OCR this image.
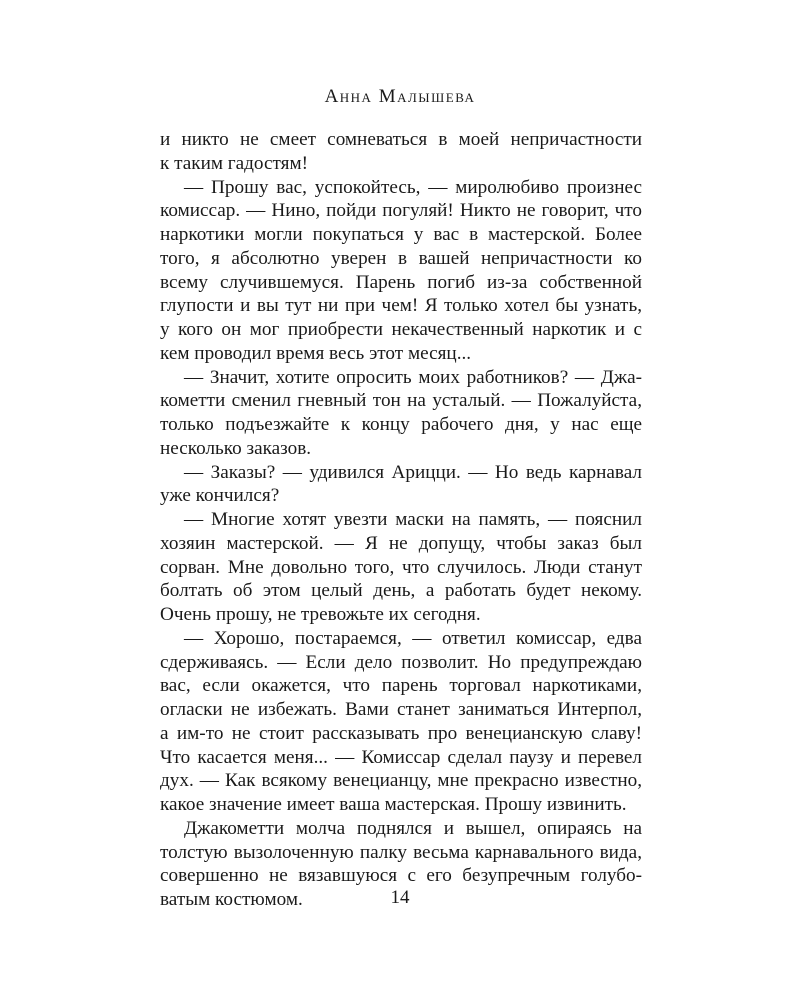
Анна Малышева

и никто не смеет сомневаться в моей непричастности
к таким гадостям!

— Прошу вас, успокойтесь, — миролюбиво произнес
комиссар. — Нино, пойди погуляй! Никто не говорит, что
наркотики могли покупаться у вас в мастерской. Более
того, я абсолютно уверен в вашей непричастности ко
всему случившемуся. Парень погиб из-за собственной
глупости и вы тут ни при чем! Я только хотел бы узнать,
у кого он мог приобрести некачественный наркотик и с
кем проводил время весь этот месяц...

— Значит, хотите опросить моих работников? — Джа-
кометти сменил гневный тон на усталый. — Пожалуйста,
только подъезжайте к концу рабочего дня, у нас еще
несколько заказов.

— Заказы? — удивился Арицци. — Но ведь карнавал
уже кончился?

— Многие хотят увезти маски на память, — пояснил
хозяин мастерской. — Я не допущу, чтобы заказ был
сорван. Мне довольно того, что случилось. Люди станут
болтать об этом целый день, а работать будет некому.
Очень прошу, не тревожьте их сегодня.

— Хорошо, постараемся, — ответил комиссар, едва
сдерживаясь. — Если дело позволит. Но предупреждаю
вас, если окажется, что парень торговал наркотиками,
огласки не избежать. Вами станет заниматься Интерпол,
а им-то не стоит рассказывать про венецианскую славу!
Что касается меня... — Комиссар сделал паузу и перевел
дух. — Как всякому венецианцу, мне прекрасно известно,
какое значение имеет ваша мастерская. Прошу извинить.

Джакометти молча поднялся и вышел, опираясь на
толстую вызолоченную палку весьма карнавального вида,
совершенно не вязавшуюся с его безупречным голубо-
ватым костюмом.	14
